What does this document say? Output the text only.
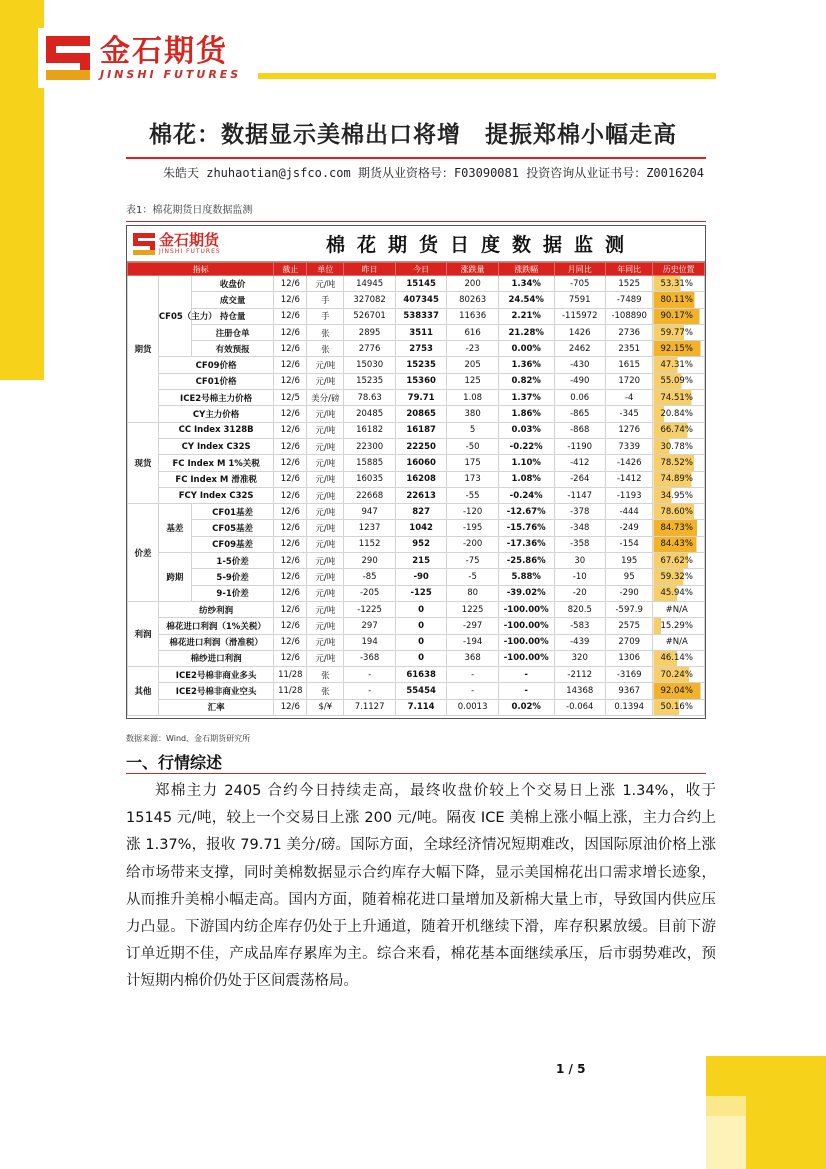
金石期货
JINSHI FUTURES
棉花：数据显示美棉出口将增　提振郑棉小幅走高
朱皓天 zhuhaotian@jsfco.com 期货从业资格号：F03090081 投资咨询从业证书号：Z0016204
表1：棉花期货日度数据监测
金石期货
JINSHI FUTURES	棉花期货日度数据监测
指标			截止	单位	昨日	今日	涨跌量	涨跌幅	月同比	年同比	历史位置
期货	CF05（主力）	收盘价	12/6	元/吨	14945	15145	200	1.34%	-705	1525	53.31%
		成交量	12/6	手	327082	407345	80263	24.54%	7591	-7489	80.11%
		持仓量	12/6	手	526701	538337	11636	2.21%	-115972	-108890	90.17%
		注册仓单	12/6	张	2895	3511	616	21.28%	1426	2736	59.77%
		有效预报	12/6	张	2776	2753	-23	0.00%	2462	2351	92.15%
	CF09价格		12/6	元/吨	15030	15235	205	1.36%	-430	1615	47.31%
	CF01价格		12/6	元/吨	15235	15360	125	0.82%	-490	1720	55.09%
	ICE2号棉主力价格		12/5	美分/磅	78.63	79.71	1.08	1.37%	0.06	-4	74.51%
	CY主力价格		12/6	元/吨	20485	20865	380	1.86%	-865	-345	20.84%
现货	CC Index 3128B		12/6	元/吨	16182	16187	5	0.03%	-868	1276	66.74%
	CY Index C32S		12/6	元/吨	22300	22250	-50	-0.22%	-1190	7339	30.78%
	FC Index M 1%关税		12/6	元/吨	15885	16060	175	1.10%	-412	-1426	78.52%
	FC Index M 滑准税		12/6	元/吨	16035	16208	173	1.08%	-264	-1412	74.89%
	FCY Index C32S		12/6	元/吨	22668	22613	-55	-0.24%	-1147	-1193	34.95%
价差	基差	CF01基差	12/6	元/吨	947	827	-120	-12.67%	-378	-444	78.60%
		CF05基差	12/6	元/吨	1237	1042	-195	-15.76%	-348	-249	84.73%
		CF09基差	12/6	元/吨	1152	952	-200	-17.36%	-358	-154	84.43%
	跨期	1-5价差	12/6	元/吨	290	215	-75	-25.86%	30	195	67.62%
		5-9价差	12/6	元/吨	-85	-90	-5	5.88%	-10	95	59.32%
		9-1价差	12/6	元/吨	-205	-125	80	-39.02%	-20	-290	45.94%
利润	纺纱利润		12/6	元/吨	-1225	0	1225	-100.00%	820.5	-597.9	#N/A
	棉花进口利润（1%关税）		12/6	元/吨	297	0	-297	-100.00%	-583	2575	15.29%
	棉花进口利润（滑准税）		12/6	元/吨	194	0	-194	-100.00%	-439	2709	#N/A
	棉纱进口利润		12/6	元/吨	-368	0	368	-100.00%	320	1306	46.14%
其他	ICE2号棉非商业多头		11/28	张	-	61638	-	-	-2112	-3169	70.24%
	ICE2号棉非商业空头		11/28	张	-	55454	-	-	14368	9367	92.04%
	汇率		12/6	$/¥	7.1127	7.114	0.0013	0.02%	-0.064	0.1394	50.16%
数据来源：Wind、金石期货研究所
一、行情综述
郑棉主力 2405 合约今日持续走高，最终收盘价较上个交易日上涨 1.34%，收于 15145 元/吨，较上一个交易日上涨 200 元/吨。隔夜 ICE 美棉上涨小幅上涨，主力合约上涨 1.37%，报收 79.71 美分/磅。国际方面，全球经济情况短期难改，因国际原油价格上涨给市场带来支撑，同时美棉数据显示合约库存大幅下降，显示美国棉花出口需求增长迹象，从而推升美棉小幅走高。国内方面，随着棉花进口量增加及新棉大量上市，导致国内供应压力凸显。下游国内纺企库存仍处于上升通道，随着开机继续下滑，库存积累放缓。目前下游订单近期不佳，产成品库存累库为主。综合来看，棉花基本面继续承压，后市弱势难改，预计短期内棉价仍处于区间震荡格局。
1 / 5
